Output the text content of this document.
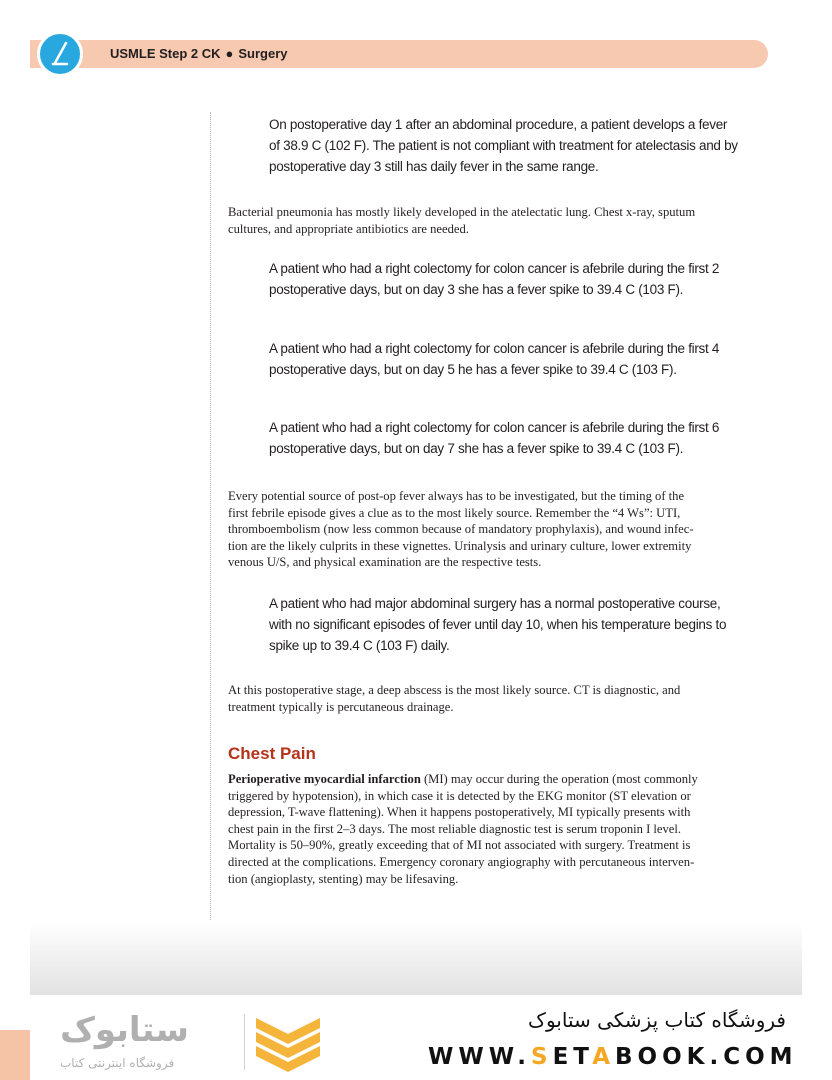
USMLE Step 2 CK ● Surgery
On postoperative day 1 after an abdominal procedure, a patient develops a fever
of 38.9 C (102 F). The patient is not compliant with treatment for atelectasis and by
postoperative day 3 still has daily fever in the same range.
Bacterial pneumonia has mostly likely developed in the atelectatic lung. Chest x-ray, sputum
cultures, and appropriate antibiotics are needed.
A patient who had a right colectomy for colon cancer is afebrile during the first 2
postoperative days, but on day 3 she has a fever spike to 39.4 C (103 F).
A patient who had a right colectomy for colon cancer is afebrile during the first 4
postoperative days, but on day 5 he has a fever spike to 39.4 C (103 F).
A patient who had a right colectomy for colon cancer is afebrile during the first 6
postoperative days, but on day 7 she has a fever spike to 39.4 C (103 F).
Every potential source of post-op fever always has to be investigated, but the timing of the
first febrile episode gives a clue as to the most likely source. Remember the “4 Ws”: UTI,
thromboembolism (now less common because of mandatory prophylaxis), and wound infec-
tion are the likely culprits in these vignettes. Urinalysis and urinary culture, lower extremity
venous U/S, and physical examination are the respective tests.
A patient who had major abdominal surgery has a normal postoperative course,
with no significant episodes of fever until day 10, when his temperature begins to
spike up to 39.4 C (103 F) daily.
At this postoperative stage, a deep abscess is the most likely source. CT is diagnostic, and
treatment typically is percutaneous drainage.
Chest Pain
Perioperative myocardial infarction (MI) may occur during the operation (most commonly
triggered by hypotension), in which case it is detected by the EKG monitor (ST elevation or
depression, T-wave flattening). When it happens postoperatively, MI typically presents with
chest pain in the first 2–3 days. The most reliable diagnostic test is serum troponin I level.
Mortality is 50–90%, greatly exceeding that of MI not associated with surgery. Treatment is
directed at the complications. Emergency coronary angiography with percutaneous interven-
tion (angioplasty, stenting) may be lifesaving.
ستابوک
فروشگاه اینترنتی کتاب
فروشگاه کتاب پزشکی ستابوک
WWW.SETABOOK.COM
